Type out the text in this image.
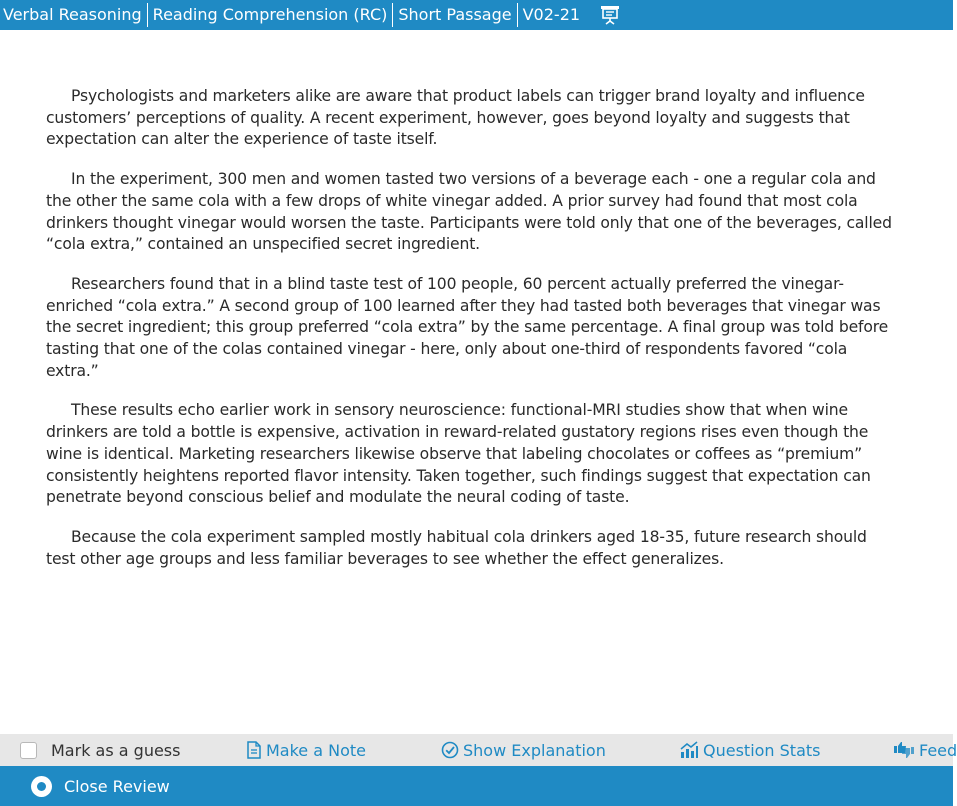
Verbal Reasoning Reading Comprehension (RC) Short Passage V02-21

Psychologists and marketers alike are aware that product labels can trigger brand loyalty and influence customers’ perceptions of quality. A recent experiment, however, goes beyond loyalty and suggests that expectation can alter the experience of taste itself.

In the experiment, 300 men and women tasted two versions of a beverage each - one a regular cola and the other the same cola with a few drops of white vinegar added. A prior survey had found that most cola drinkers thought vinegar would worsen the taste. Participants were told only that one of the beverages, called “cola extra,” contained an unspecified secret ingredient.

Researchers found that in a blind taste test of 100 people, 60 percent actually preferred the vinegar-enriched “cola extra.” A second group of 100 learned after they had tasted both beverages that vinegar was the secret ingredient; this group preferred “cola extra” by the same percentage. A final group was told before tasting that one of the colas contained vinegar - here, only about one-third of respondents favored “cola extra.”

These results echo earlier work in sensory neuroscience: functional-MRI studies show that when wine drinkers are told a bottle is expensive, activation in reward-related gustatory regions rises even though the wine is identical. Marketing researchers likewise observe that labeling chocolates or coffees as “premium” consistently heightens reported flavor intensity. Taken together, such findings suggest that expectation can penetrate beyond conscious belief and modulate the neural coding of taste.

Because the cola experiment sampled mostly habitual cola drinkers aged 18-35, future research should test other age groups and less familiar beverages to see whether the effect generalizes.

Mark as a guess	Make a Note	Show Explanation	Question Stats	Feed
Close Review
